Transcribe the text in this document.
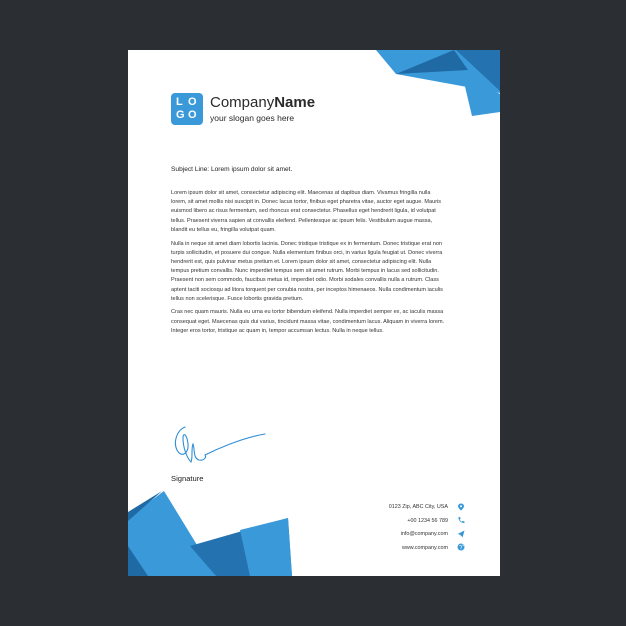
L O
G O
CompanyName
your slogan goes here
Subject Line: Lorem ipsum dolor sit amet.

Lorem ipsum dolor sit amet, consectetur adipiscing elit. Maecenas at dapibus diam. Vivamus fringilla nulla lorem, sit amet mollis nisi suscipit in. Donec lacus tortor, finibus eget pharetra vitae, auctor eget augue. Mauris euismod libero ac risus fermentum, sed rhoncus erat consectetur. Phasellus eget hendrerit ligula, id volutpat tellus. Praesent viverra sapien at convallis eleifend. Pellentesque ac ipsum felis. Vestibulum augue massa, blandit eu tellus eu, fringilla volutpat quam.

Nulla in neque sit amet diam lobortis lacinia. Donec tristique tristique ex in fermentum. Donec tristique erat non turpis sollicitudin, et posuere dui congue. Nulla elementum finibus orci, in varius ligula feugiat ut. Donec viverra hendrerit est, quis pulvinar metus pretium et. Lorem ipsum dolor sit amet, consectetur adipiscing elit. Nulla tempus pretium convallis. Nunc imperdiet tempus sem sit amet rutrum. Morbi tempus in lacus sed sollicitudin. Praesent non sem commodo, faucibus metus id, imperdiet odio. Morbi sodales convallis nulla a rutrum. Class aptent taciti sociosqu ad litora torquent per conubia nostra, per inceptos himenaeos. Nulla condimentum iaculis tellus non scelerisque. Fusce lobortis gravida pretium.

Cras nec quam mauris. Nulla eu urna eu tortor bibendum eleifend. Nulla imperdiet semper ex, ac iaculis massa consequat eget. Maecenas quis dui varius, tincidunt massa vitae, condimentum lacus. Aliquam in viverra lorem. Integer eros tortor, tristique ac quam in, tempor accumsan lectus. Nulla in neque tellus.

Signature
0123 Zip, ABC City, USA
+00 1234 56 789
info@company.com
www.company.com
